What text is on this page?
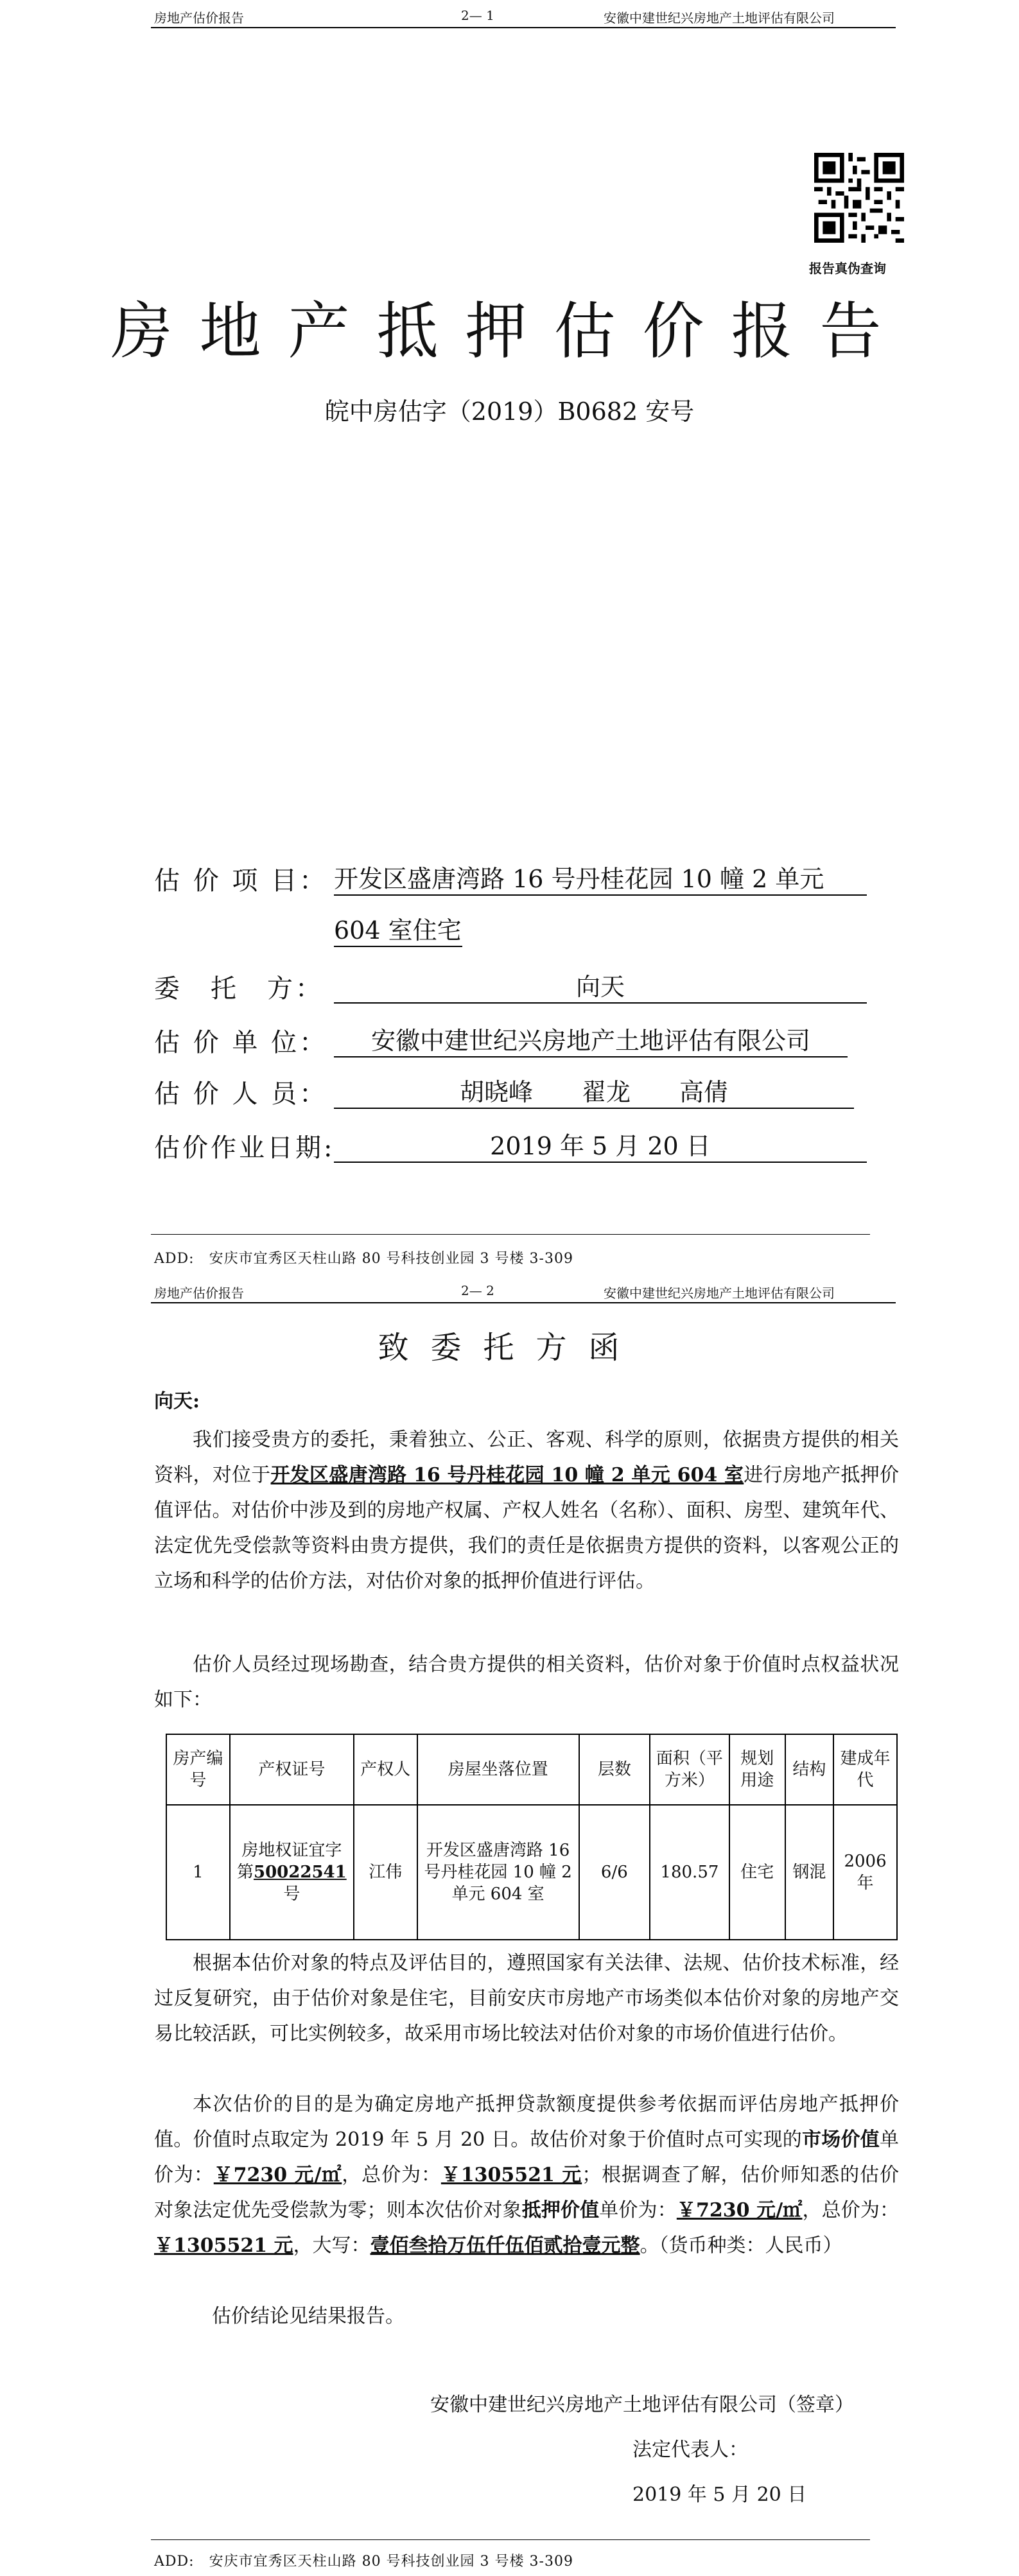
房地产估价报告	2— 1	安徽中建世纪兴房地产土地评估有限公司
报告真伪查询
房地产抵押估价报告
皖中房估字（2019）B0682 安号
估 价 项 目： 开发区盛唐湾路 16 号丹桂花园 10 幢 2 单元
604 室住宅
委　托　方：	向天
估 价 单 位：	安徽中建世纪兴房地产土地评估有限公司
估 价 人 员：	胡晓峰　　翟龙　　高倩
估价作业日期:	2019 年 5 月 20 日
ADD:　安庆市宜秀区天柱山路 80 号科技创业园 3 号楼 3-309
房地产估价报告	2— 2	安徽中建世纪兴房地产土地评估有限公司
致委托方函
向天:
我们接受贵方的委托，秉着独立、公正、客观、科学的原则，依据贵方提供的相关资料，对位于开发区盛唐湾路 16 号丹桂花园 10 幢 2 单元 604 室进行房地产抵押价值评估。对估价中涉及到的房地产权属、产权人姓名（名称）、面积、房型、建筑年代、法定优先受偿款等资料由贵方提供，我们的责任是依据贵方提供的资料，以客观公正的立场和科学的估价方法，对估价对象的抵押价值进行评估。
估价人员经过现场勘查，结合贵方提供的相关资料，估价对象于价值时点权益状况如下：
房产编号	产权证号	产权人	房屋坐落位置	层数	面积（平方米）	规划用途	结构	建成年代
1	房地权证宜字第50022541号	江伟	开发区盛唐湾路 16 号丹桂花园 10 幢 2 单元 604 室	6/6	180.57	住宅	钢混	2006 年
根据本估价对象的特点及评估目的，遵照国家有关法律、法规、估价技术标准，经过反复研究，由于估价对象是住宅，目前安庆市房地产市场类似本估价对象的房地产交易比较活跃，可比实例较多，故采用市场比较法对估价对象的市场价值进行估价。
本次估价的目的是为确定房地产抵押贷款额度提供参考依据而评估房地产抵押价值。价值时点取定为 2019 年 5 月 20 日。故估价对象于价值时点可实现的市场价值单价为：￥7230 元/㎡，总价为：￥1305521 元；根据调查了解，估价师知悉的估价对象法定优先受偿款为零；则本次估价对象抵押价值单价为：￥7230 元/㎡，总价为：￥1305521 元，大写：壹佰叁拾万伍仟伍佰贰拾壹元整。（货币种类：人民币）
估价结论见结果报告。
安徽中建世纪兴房地产土地评估有限公司（签章）
法定代表人：
2019 年 5 月 20 日
ADD:　安庆市宜秀区天柱山路 80 号科技创业园 3 号楼 3-309
